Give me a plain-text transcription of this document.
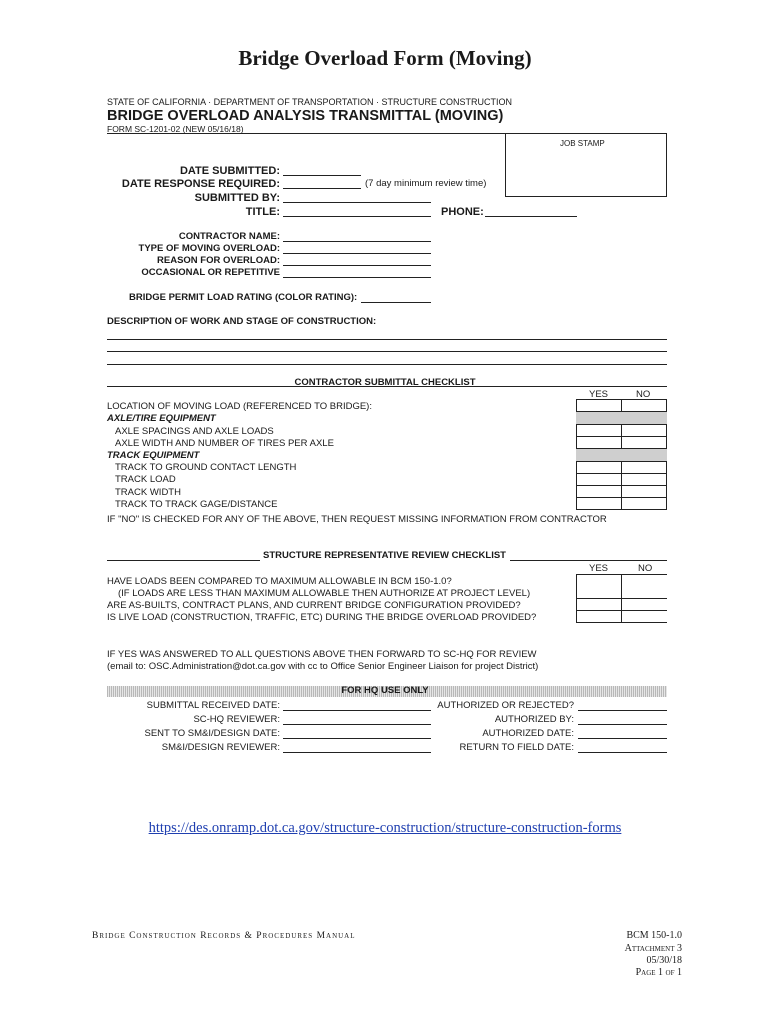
Bridge Overload Form (Moving)
STATE OF CALIFORNIA · DEPARTMENT OF TRANSPORTATION · STRUCTURE CONSTRUCTION
BRIDGE OVERLOAD ANALYSIS TRANSMITTAL (MOVING)
FORM SC-1201-02 (NEW 05/16/18)
JOB STAMP
DATE SUBMITTED:
DATE RESPONSE REQUIRED:	(7 day minimum review time)
SUBMITTED BY:
TITLE:	PHONE:
CONTRACTOR NAME:
TYPE OF MOVING OVERLOAD:
REASON FOR OVERLOAD:
OCCASIONAL OR REPETITIVE
BRIDGE PERMIT LOAD RATING (COLOR RATING):
DESCRIPTION OF WORK AND STAGE OF CONSTRUCTION:
CONTRACTOR SUBMITTAL CHECKLIST
YES	NO
LOCATION OF MOVING LOAD (REFERENCED TO BRIDGE):
AXLE/TIRE EQUIPMENT
AXLE SPACINGS AND AXLE LOADS
AXLE WIDTH AND NUMBER OF TIRES PER AXLE
TRACK EQUIPMENT
TRACK TO GROUND CONTACT LENGTH
TRACK LOAD
TRACK WIDTH
TRACK TO TRACK GAGE/DISTANCE
IF "NO" IS CHECKED FOR ANY OF THE ABOVE, THEN REQUEST MISSING INFORMATION FROM CONTRACTOR
STRUCTURE REPRESENTATIVE REVIEW CHECKLIST
YES	NO
HAVE LOADS BEEN COMPARED TO MAXIMUM ALLOWABLE IN BCM 150-1.0?
(IF LOADS ARE LESS THAN MAXIMUM ALLOWABLE THEN AUTHORIZE AT PROJECT LEVEL)
ARE AS-BUILTS, CONTRACT PLANS, AND CURRENT BRIDGE CONFIGURATION PROVIDED?
IS LIVE LOAD (CONSTRUCTION, TRAFFIC, ETC) DURING THE BRIDGE OVERLOAD PROVIDED?
IF YES WAS ANSWERED TO ALL QUESTIONS ABOVE THEN FORWARD TO SC-HQ FOR REVIEW
(email to: OSC.Administration@dot.ca.gov with cc to Office Senior Engineer Liaison for project District)
FOR HQ USE ONLY
SUBMITTAL RECEIVED DATE:
SC-HQ REVIEWER:
SENT TO SM&I/DESIGN DATE:
SM&I/DESIGN REVIEWER:
AUTHORIZED OR REJECTED?
AUTHORIZED BY:
AUTHORIZED DATE:
RETURN TO FIELD DATE:
https://des.onramp.dot.ca.gov/structure-construction/structure-construction-forms
Bridge Construction Records & Procedures Manual	BCM 150-1.0
Attachment 3
05/30/18
Page 1 of 1
